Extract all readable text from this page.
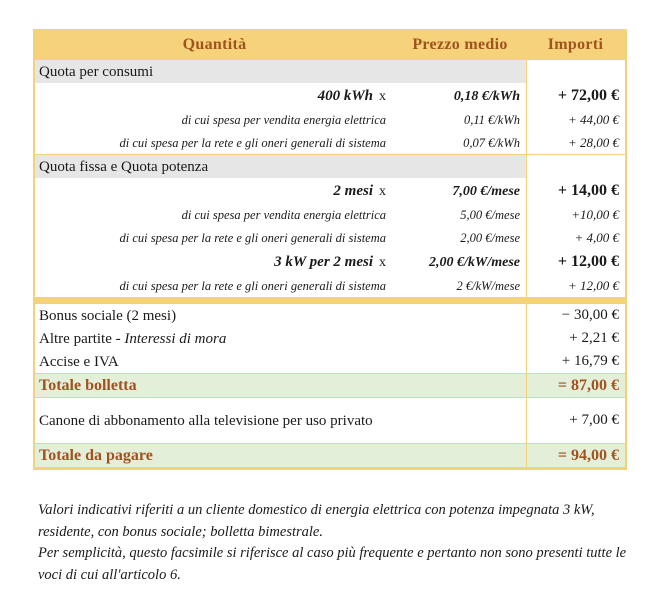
Quantità	Prezzo medio	Importi
Quota per consumi
400 kWh x	0,18 €/kWh	+ 72,00 €
di cui spesa per vendita energia elettrica	0,11 €/kWh	+ 44,00 €
di cui spesa per la rete e gli oneri generali di sistema	0,07 €/kWh	+ 28,00 €
Quota fissa e Quota potenza
2 mesi x	7,00 €/mese	+ 14,00 €
di cui spesa per vendita energia elettrica	5,00 €/mese	+10,00 €
di cui spesa per la rete e gli oneri generali di sistema	2,00 €/mese	+ 4,00 €
3 kW per 2 mesi x	2,00 €/kW/mese	+ 12,00 €
di cui spesa per la rete e gli oneri generali di sistema	2 €/kW/mese	+ 12,00 €
Bonus sociale (2 mesi)	− 30,00 €
Altre partite - Interessi di mora	+ 2,21 €
Accise e IVA	+ 16,79 €
Totale bolletta	= 87,00 €
Canone di abbonamento alla televisione per uso privato	+ 7,00 €
Totale da pagare	= 94,00 €

Valori indicativi riferiti a un cliente domestico di energia elettrica con potenza impegnata 3 kW, residente, con bonus sociale; bolletta bimestrale.

Per semplicità, questo facsimile si riferisce al caso più frequente e pertanto non sono presenti tutte le voci di cui all'articolo 6.
